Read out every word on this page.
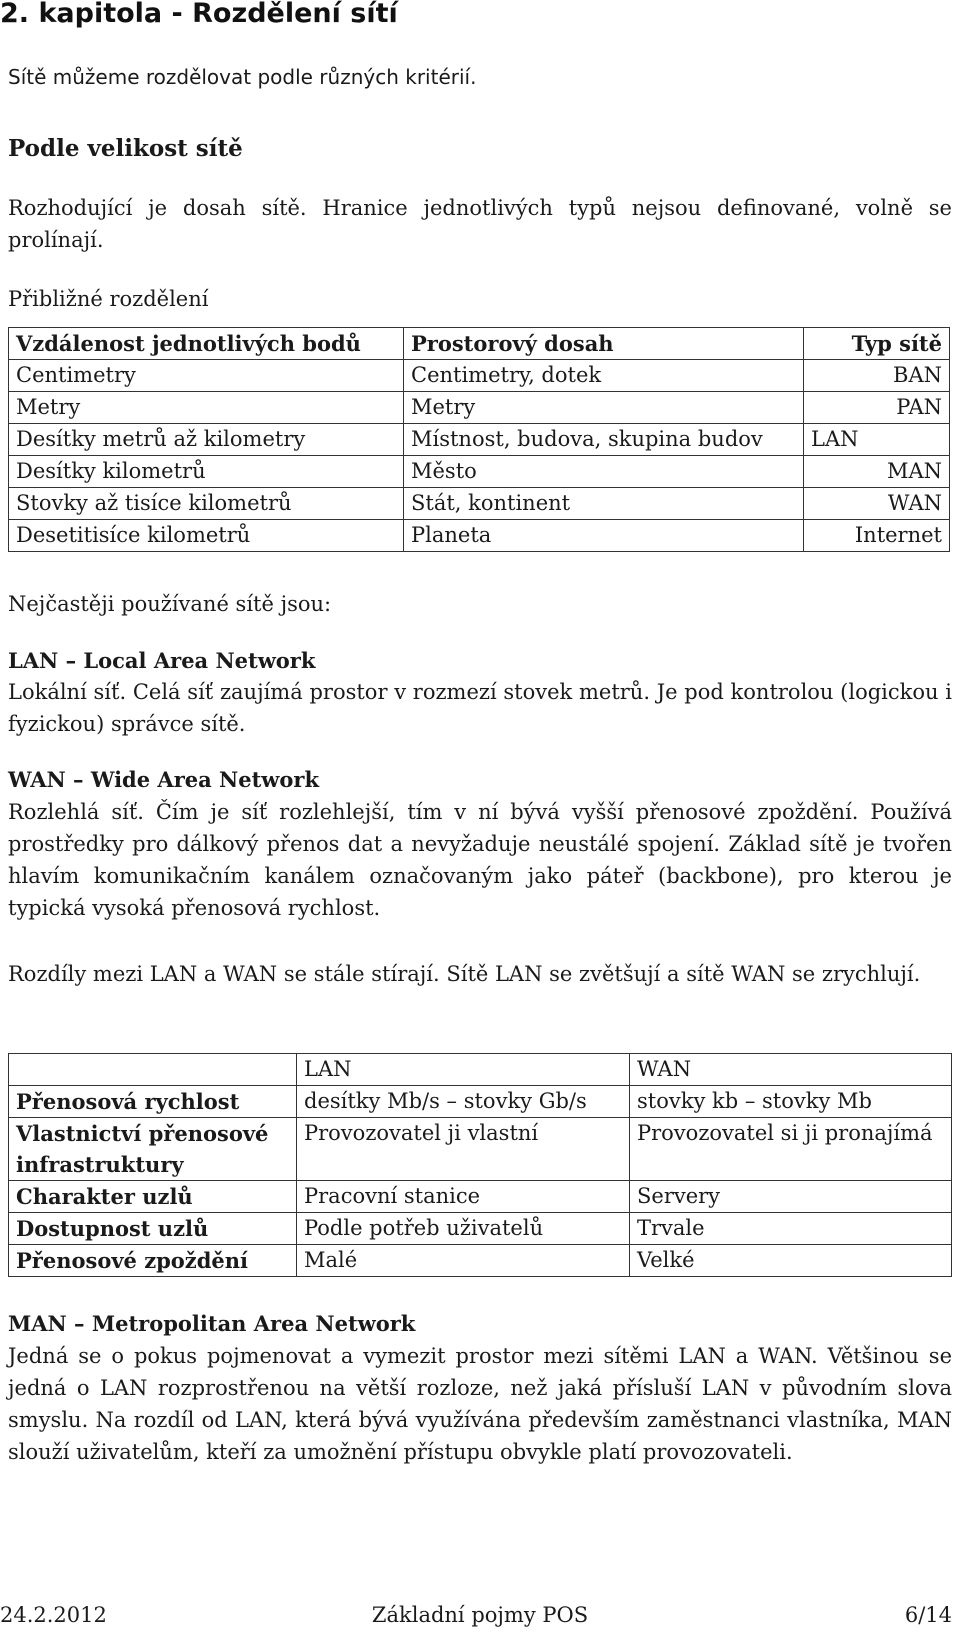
2. kapitola - Rozdělení sítí

Sítě můžeme rozdělovat podle různých kritérií.

Podle velikost sítě

Rozhodující je dosah sítě. Hranice jednotlivých typů nejsou definované, volně se prolínají.

Přibližné rozdělení

Vzdálenost jednotlivých bodů	Prostorový dosah	Typ sítě
Centimetry	Centimetry, dotek	BAN
Metry	Metry	PAN
Desítky metrů až kilometry	Místnost, budova, skupina budov	LAN
Desítky kilometrů	Město	MAN
Stovky až tisíce kilometrů	Stát, kontinent	WAN
Desetitisíce kilometrů	Planeta	Internet

Nejčastěji používané sítě jsou:

LAN – Local Area Network

Lokální síť. Celá síť zaujímá prostor v rozmezí stovek metrů. Je pod kontrolou (logickou i fyzickou) správce sítě.

WAN – Wide Area Network

Rozlehlá síť. Čím je síť rozlehlejší, tím v ní bývá vyšší přenosové zpoždění. Používá prostředky pro dálkový přenos dat a nevyžaduje neustálé spojení. Základ sítě je tvořen hlavím komunikačním kanálem označovaným jako páteř (backbone), pro kterou je typická vysoká přenosová rychlost.

Rozdíly mezi LAN a WAN se stále stírají. Sítě LAN se zvětšují a sítě WAN se zrychlují.

	LAN	WAN
Přenosová rychlost	desítky Mb/s – stovky Gb/s	stovky kb – stovky Mb
Vlastnictví přenosové infrastruktury	Provozovatel ji vlastní	Provozovatel si ji pronajímá
Charakter uzlů	Pracovní stanice	Servery
Dostupnost uzlů	Podle potřeb uživatelů	Trvale
Přenosové zpoždění	Malé	Velké

MAN – Metropolitan Area Network

Jedná se o pokus pojmenovat a vymezit prostor mezi sítěmi LAN a WAN. Většinou se jedná o LAN rozprostřenou na větší rozloze, než jaká přísluší LAN v původním slova smyslu. Na rozdíl od LAN, která bývá využívána především zaměstnanci vlastníka, MAN slouží uživatelům, kteří za umožnění přístupu obvykle platí provozovateli.

24.2.2012	Základní pojmy POS	6/14
